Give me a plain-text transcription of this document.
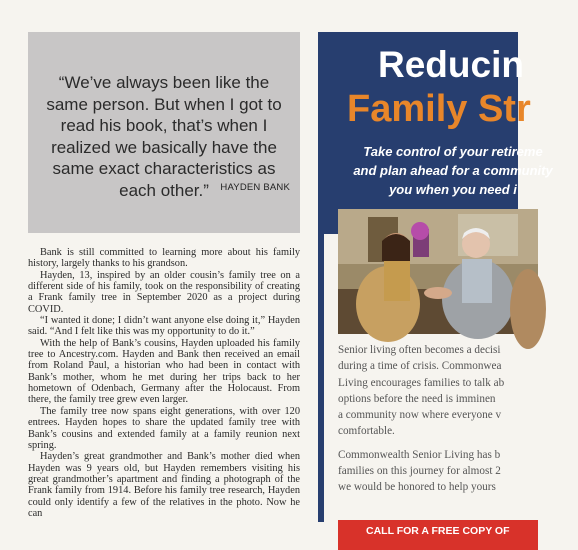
“We’ve always been like the same person. But when I got to read his book, that’s when I realized we basically have the same exact characteristics as each other.”	HAYDEN BANK

Bank is still committed to learning more about his family history, largely thanks to his grandson.

Hayden, 13, inspired by an older cousin’s family tree on a different side of his family, took on the responsibility of creating a Frank family tree in September 2020 as a project during COVID.

“I wanted it done; I didn’t want anyone else doing it,” Hayden said. “And I felt like this was my opportunity to do it.”

With the help of Bank’s cousins, Hayden uploaded his family tree to Ancestry.com. Hayden and Bank then received an email from Roland Paul, a historian who had been in contact with Bank’s mother, whom he met during her trips back to her hometown of Odenbach, Germany after the Holocaust. From there, the family tree grew even larger.

The family tree now spans eight generations, with over 120 entrees. Hayden hopes to share the updated family tree with Bank’s cousins and extended family at a family reunion next spring.

Hayden’s great grandmother and Bank’s mother died when Hayden was 9 years old, but Hayden remembers visiting his great grandmother’s apartment and finding a photograph of the Frank family from 1914. Before his family tree research, Hayden could only identify a few of the relatives in the photo. Now he can

Reducin
Family Str
Take control of your retireme
and plan ahead for a community
you when you need i

Senior living often becomes a decisi
during a time of crisis. Commonwea
Living encourages families to talk ab
options before the need is imminen
a community now where everyone v
comfortable.

Commonwealth Senior Living has b
families on this journey for almost 2
we would be honored to help yours

CALL FOR A FREE COPY OF
